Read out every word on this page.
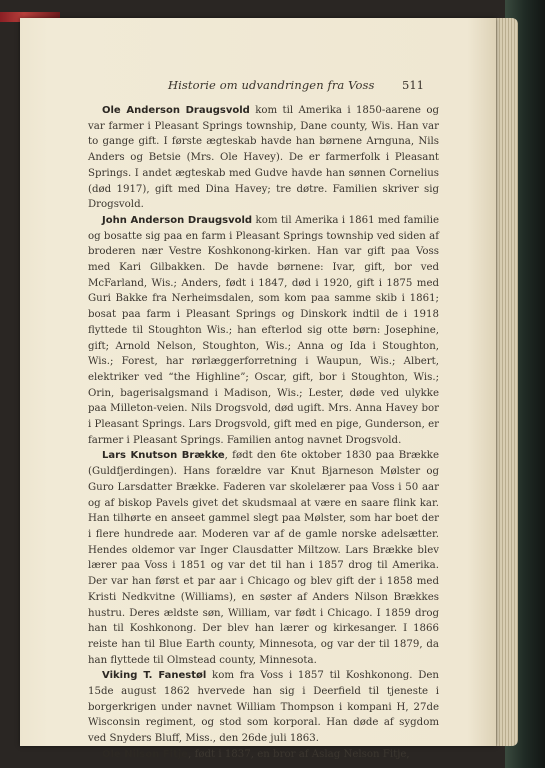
Historie om udvandringen fra Voss 511

Ole Anderson Draugsvold kom til Amerika i 1850-aarene og var farmer i Pleasant Springs township, Dane county, Wis. Han var to gange gift. I første ægteskab havde han børnene Arnguna, Nils Anders og Betsie (Mrs. Ole Havey). De er farmerfolk i Pleasant Springs. I andet ægteskab med Gudve havde han sønnen Cornelius (død 1917), gift med Dina Havey; tre døtre. Familien skriver sig Drogsvold.

John Anderson Draugsvold kom til Amerika i 1861 med familie og bosatte sig paa en farm i Pleasant Springs township ved siden af broderen nær Vestre Koshkonong-kirken. Han var gift paa Voss med Kari Gilbakken. De havde børnene: Ivar, gift, bor ved McFarland, Wis.; Anders, født i 1847, død i 1920, gift i 1875 med Guri Bakke fra Nerheimsdalen, som kom paa samme skib i 1861; bosat paa farm i Pleasant Springs og Dinskork indtil de i 1918 flyttede til Stoughton Wis.; han efterlod sig otte børn: Josephine, gift; Arnold Nelson, Stoughton, Wis.; Anna og Ida i Stoughton, Wis.; Forest, har rørlæggerforretning i Waupun, Wis.; Albert, elektriker ved “the Highline”; Oscar, gift, bor i Stoughton, Wis.; Orin, bagerisalgsmand i Madison, Wis.; Lester, døde ved ulykke paa Milleton-veien. Nils Drogsvold, død ugift. Mrs. Anna Havey bor i Pleasant Springs. Lars Drogsvold, gift med en pige, Gunderson, er farmer i Pleasant Springs. Familien antog navnet Drogsvold.

Lars Knutson Brække, født den 6te oktober 1830 paa Brække (Guldfjerdingen). Hans forældre var Knut Bjarneson Mølster og Guro Larsdatter Brække. Faderen var skolelærer paa Voss i 50 aar og af biskop Pavels givet det skudsmaal at være en saare flink kar. Han tilhørte en anseet gammel slegt paa Mølster, som har boet der i flere hundrede aar. Moderen var af de gamle norske adelsætter. Hendes oldemor var Inger Clausdatter Miltzow. Lars Brække blev lærer paa Voss i 1851 og var det til han i 1857 drog til Amerika. Der var han først et par aar i Chicago og blev gift der i 1858 med Kristi Nedkvitne (Williams), en søster af Anders Nilson Brækkes hustru. Deres ældste søn, William, var født i Chicago. I 1859 drog han til Koshkonong. Der blev han lærer og kirkesanger. I 1866 reiste han til Blue Earth county, Minnesota, og var der til 1879, da han flyttede til Olmstead county, Minnesota.

Viking T. Fanestøl kom fra Voss i 1857 til Koshkonong. Den 15de august 1862 hvervede han sig i Deerfield til tjeneste i borgerkrigen under navnet William Thompson i kompani H, 27de Wisconsin regiment, og stod som korporal. Han døde af sygdom ved Snyders Bluff, Miss., den 26de juli 1863.

Ole Nilson Fitje, født i 1837, en bror af Aslag Nelson Fitje,
